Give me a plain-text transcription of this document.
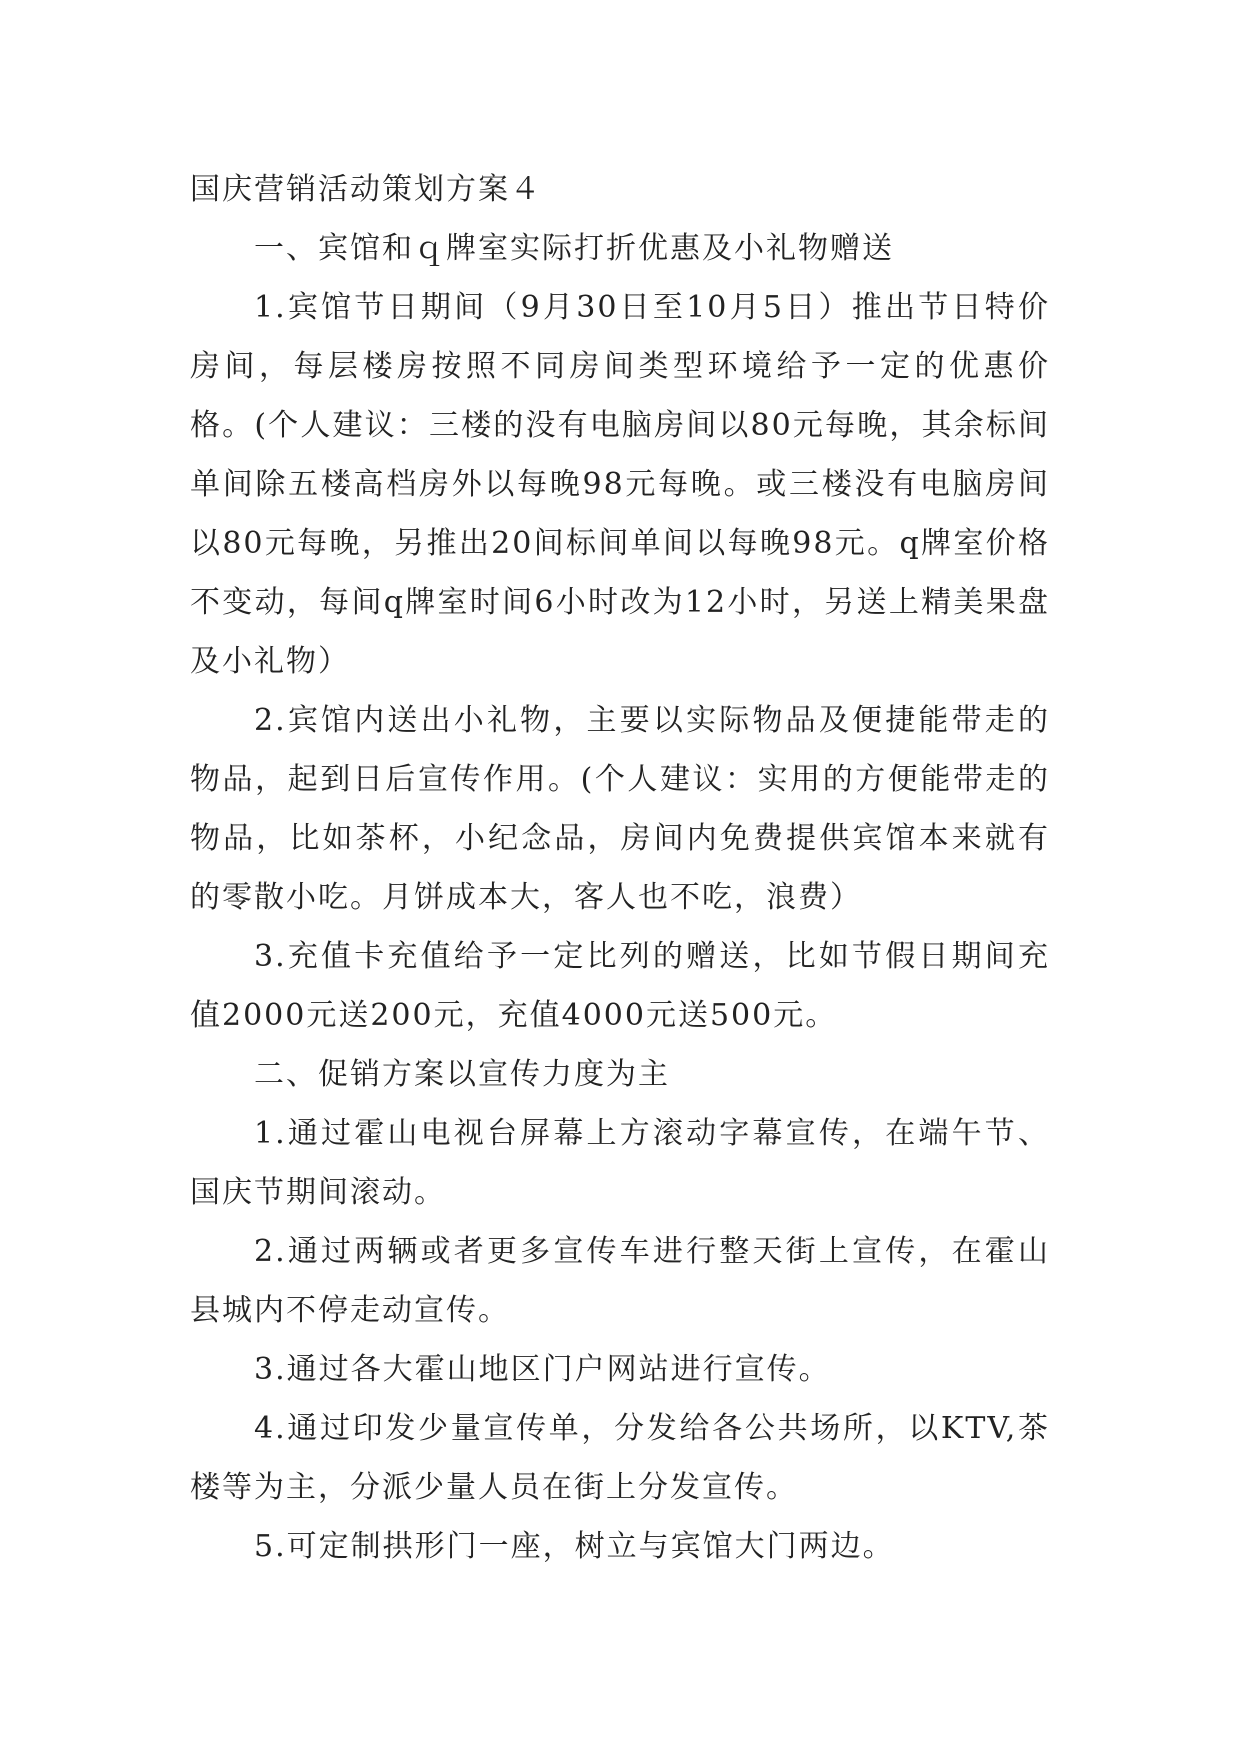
国庆营销活动策划方案４

一、宾馆和ｑ牌室实际打折优惠及小礼物赠送

1.宾馆节日期间（9月30日至10月5日）推出节日特价房间，每层楼房按照不同房间类型环境给予一定的优惠价格。(个人建议：三楼的没有电脑房间以80元每晚，其余标间单间除五楼高档房外以每晚98元每晚。或三楼没有电脑房间以80元每晚，另推出20间标间单间以每晚98元。q牌室价格不变动，每间q牌室时间6小时改为12小时，另送上精美果盘及小礼物）

2.宾馆内送出小礼物，主要以实际物品及便捷能带走的物品，起到日后宣传作用。(个人建议：实用的方便能带走的物品，比如茶杯，小纪念品，房间内免费提供宾馆本来就有的零散小吃。月饼成本大，客人也不吃，浪费）

3.充值卡充值给予一定比列的赠送，比如节假日期间充值2000元送200元，充值4000元送500元。

二、促销方案以宣传力度为主

1.通过霍山电视台屏幕上方滚动字幕宣传，在端午节、国庆节期间滚动。

2.通过两辆或者更多宣传车进行整天街上宣传，在霍山县城内不停走动宣传。

3.通过各大霍山地区门户网站进行宣传。

4.通过印发少量宣传单，分发给各公共场所，以KTV,茶楼等为主，分派少量人员在街上分发宣传。

5.可定制拱形门一座，树立与宾馆大门两边。
